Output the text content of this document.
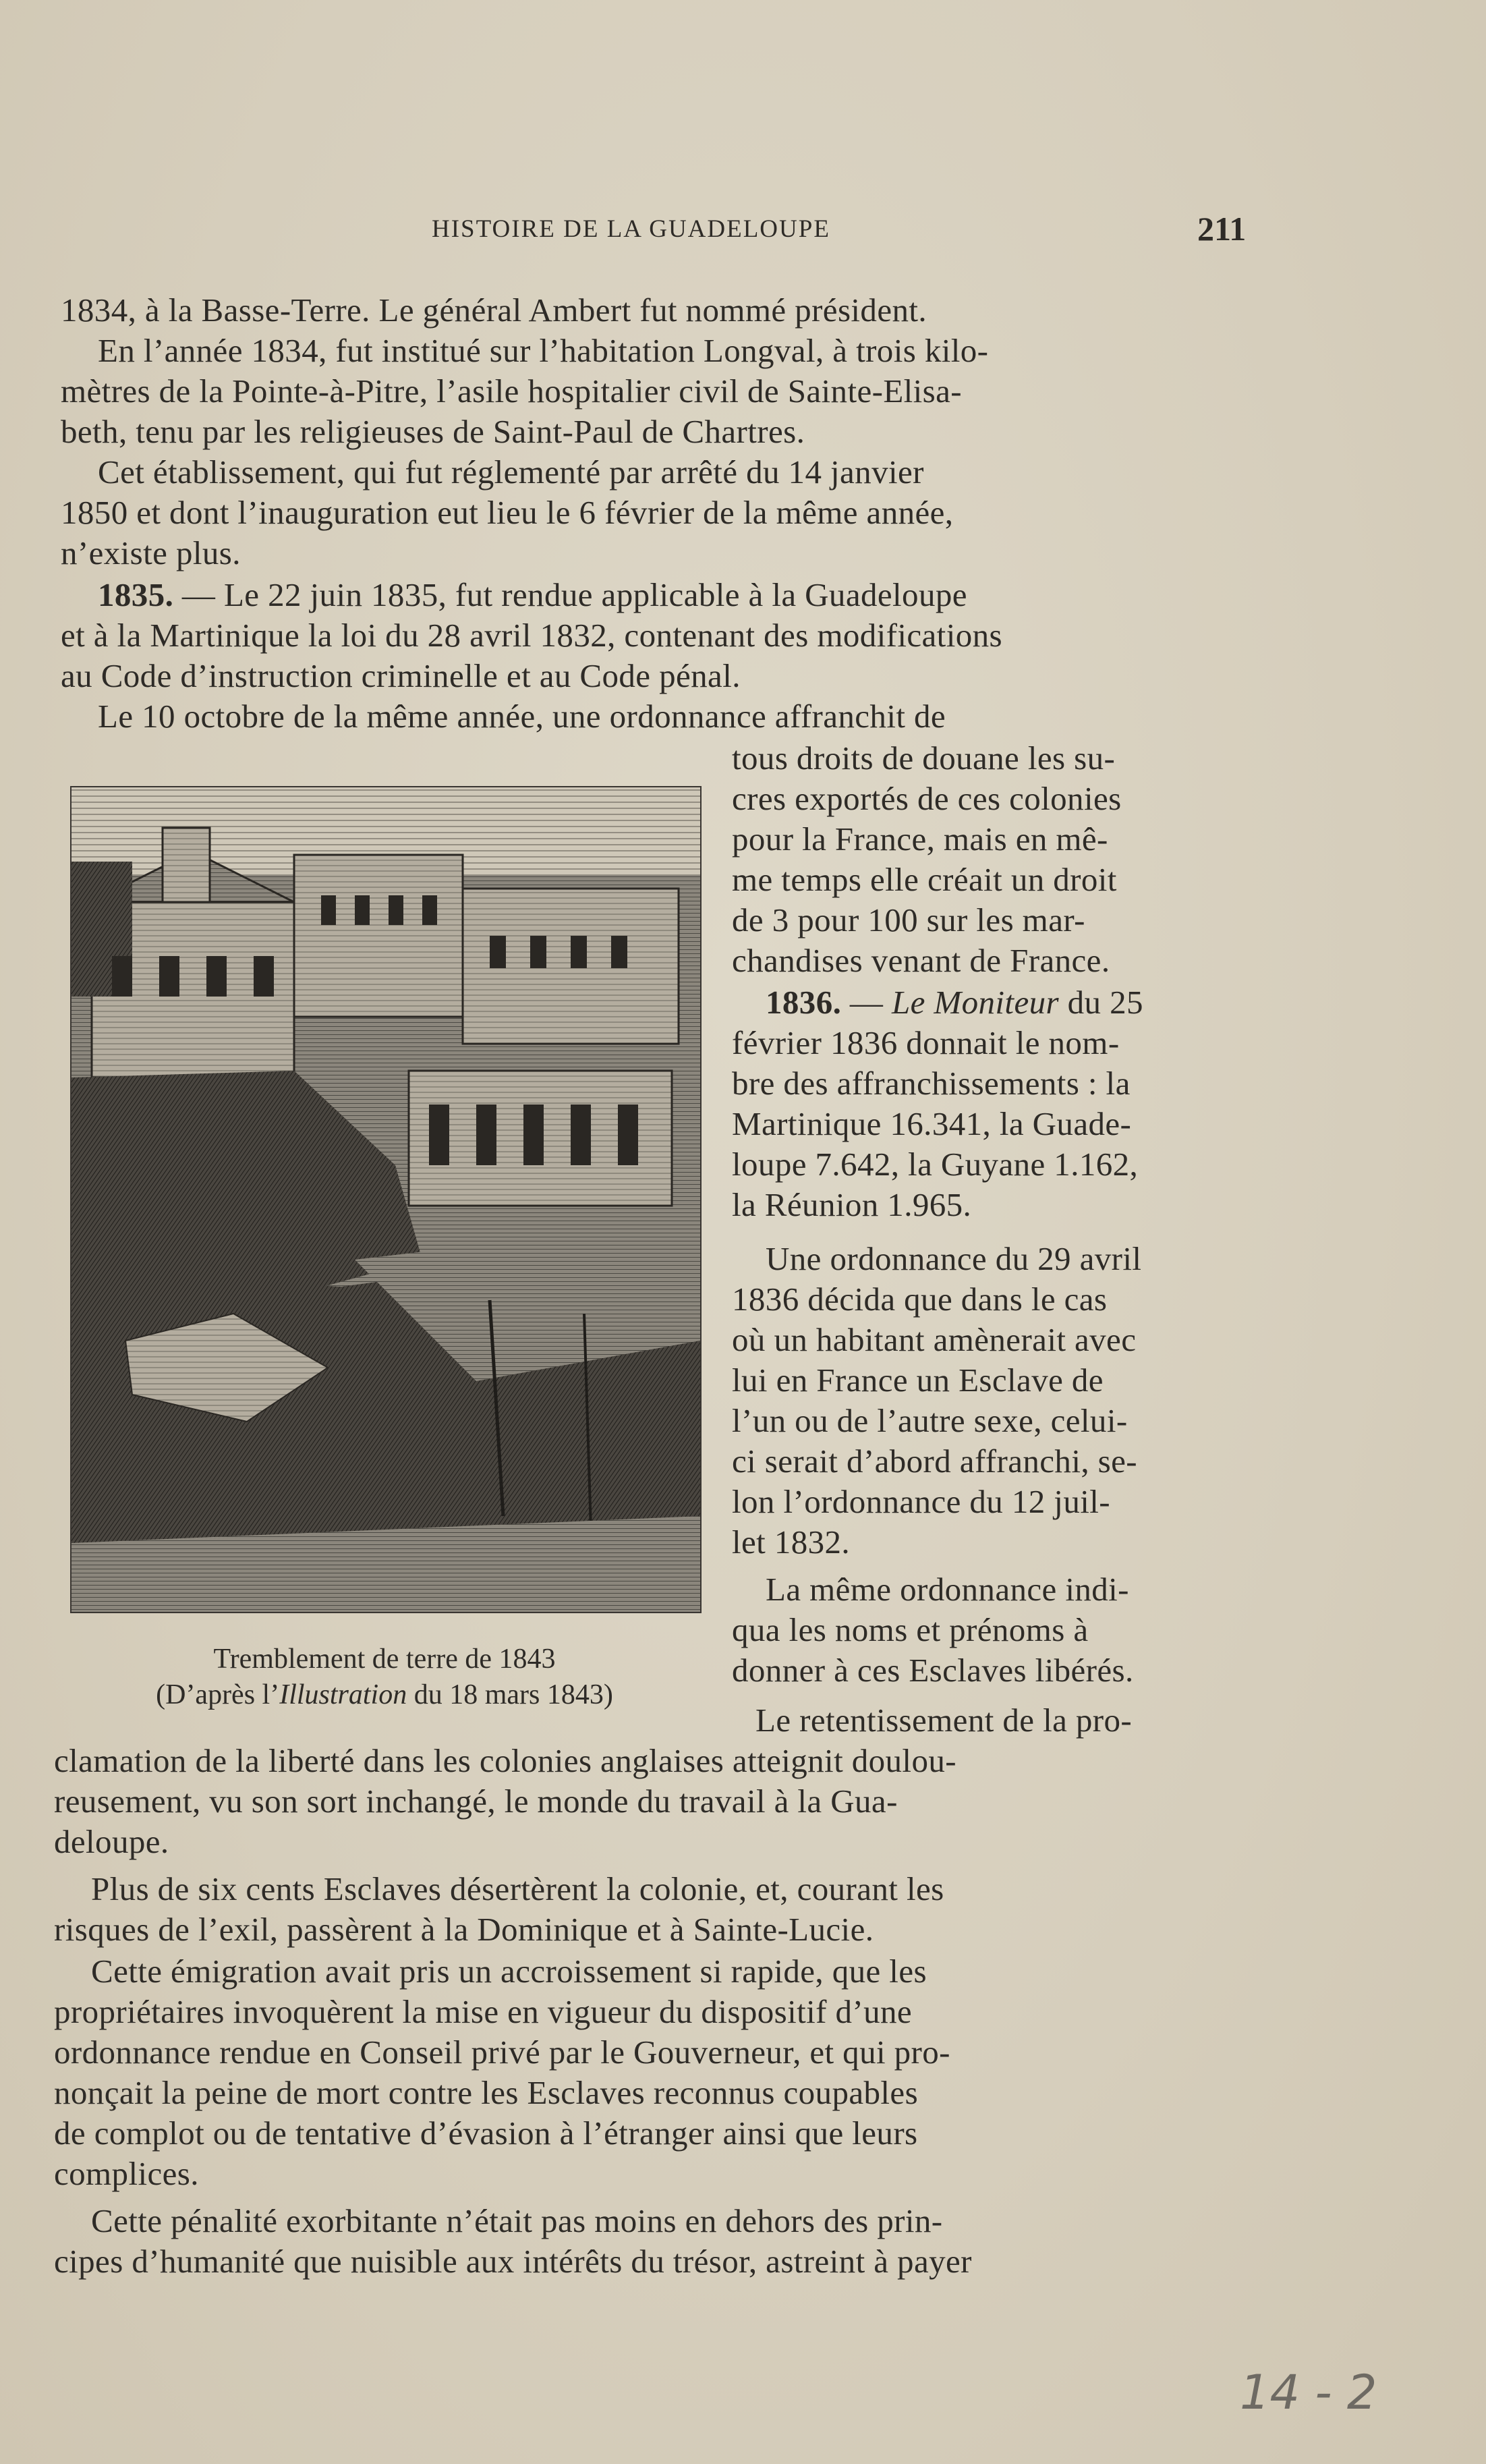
HISTOIRE DE LA GUADELOUPE	211
1834, à la Basse-Terre. Le général Ambert fut nommé président.
En l’année 1834, fut institué sur l’habitation Longval, à trois kilo-
mètres de la Pointe-à-Pitre, l’asile hospitalier civil de Sainte-Elisa-
beth, tenu par les religieuses de Saint-Paul de Chartres.
Cet établissement, qui fut réglementé par arrêté du 14 janvier
1850 et dont l’inauguration eut lieu le 6 février de la même année,
n’existe plus.
1835. — Le 22 juin 1835, fut rendue applicable à la Guadeloupe
et à la Martinique la loi du 28 avril 1832, contenant des modifications
au Code d’instruction criminelle et au Code pénal.
Le 10 octobre de la même année, une ordonnance affranchit de
tous droits de douane les su-
cres exportés de ces colonies
pour la France, mais en mê-
me temps elle créait un droit
de 3 pour 100 sur les mar-
chandises venant de France.
1836. — Le Moniteur du 25
février 1836 donnait le nom-
bre des affranchissements : la
Martinique 16.341, la Guade-
loupe 7.642, la Guyane 1.162,
la Réunion 1.965.
Une ordonnance du 29 avril
1836 décida que dans le cas
où un habitant amènerait avec
lui en France un Esclave de
l’un ou de l’autre sexe, celui-
ci serait d’abord affranchi, se-
lon l’ordonnance du 12 juil-
let 1832.
La même ordonnance indi-
qua les noms et prénoms à
donner à ces Esclaves libérés.
Le retentissement de la pro-
Tremblement de terre de 1843
(D’après l’Illustration du 18 mars 1843)
clamation de la liberté dans les colonies anglaises atteignit doulou-
reusement, vu son sort inchangé, le monde du travail à la Gua-
deloupe.
Plus de six cents Esclaves désertèrent la colonie, et, courant les
risques de l’exil, passèrent à la Dominique et à Sainte-Lucie.
Cette émigration avait pris un accroissement si rapide, que les
propriétaires invoquèrent la mise en vigueur du dispositif d’une
ordonnance rendue en Conseil privé par le Gouverneur, et qui pro-
nonçait la peine de mort contre les Esclaves reconnus coupables
de complot ou de tentative d’évasion à l’étranger ainsi que leurs
complices.
Cette pénalité exorbitante n’était pas moins en dehors des prin-
cipes d’humanité que nuisible aux intérêts du trésor, astreint à payer
14 - 2
